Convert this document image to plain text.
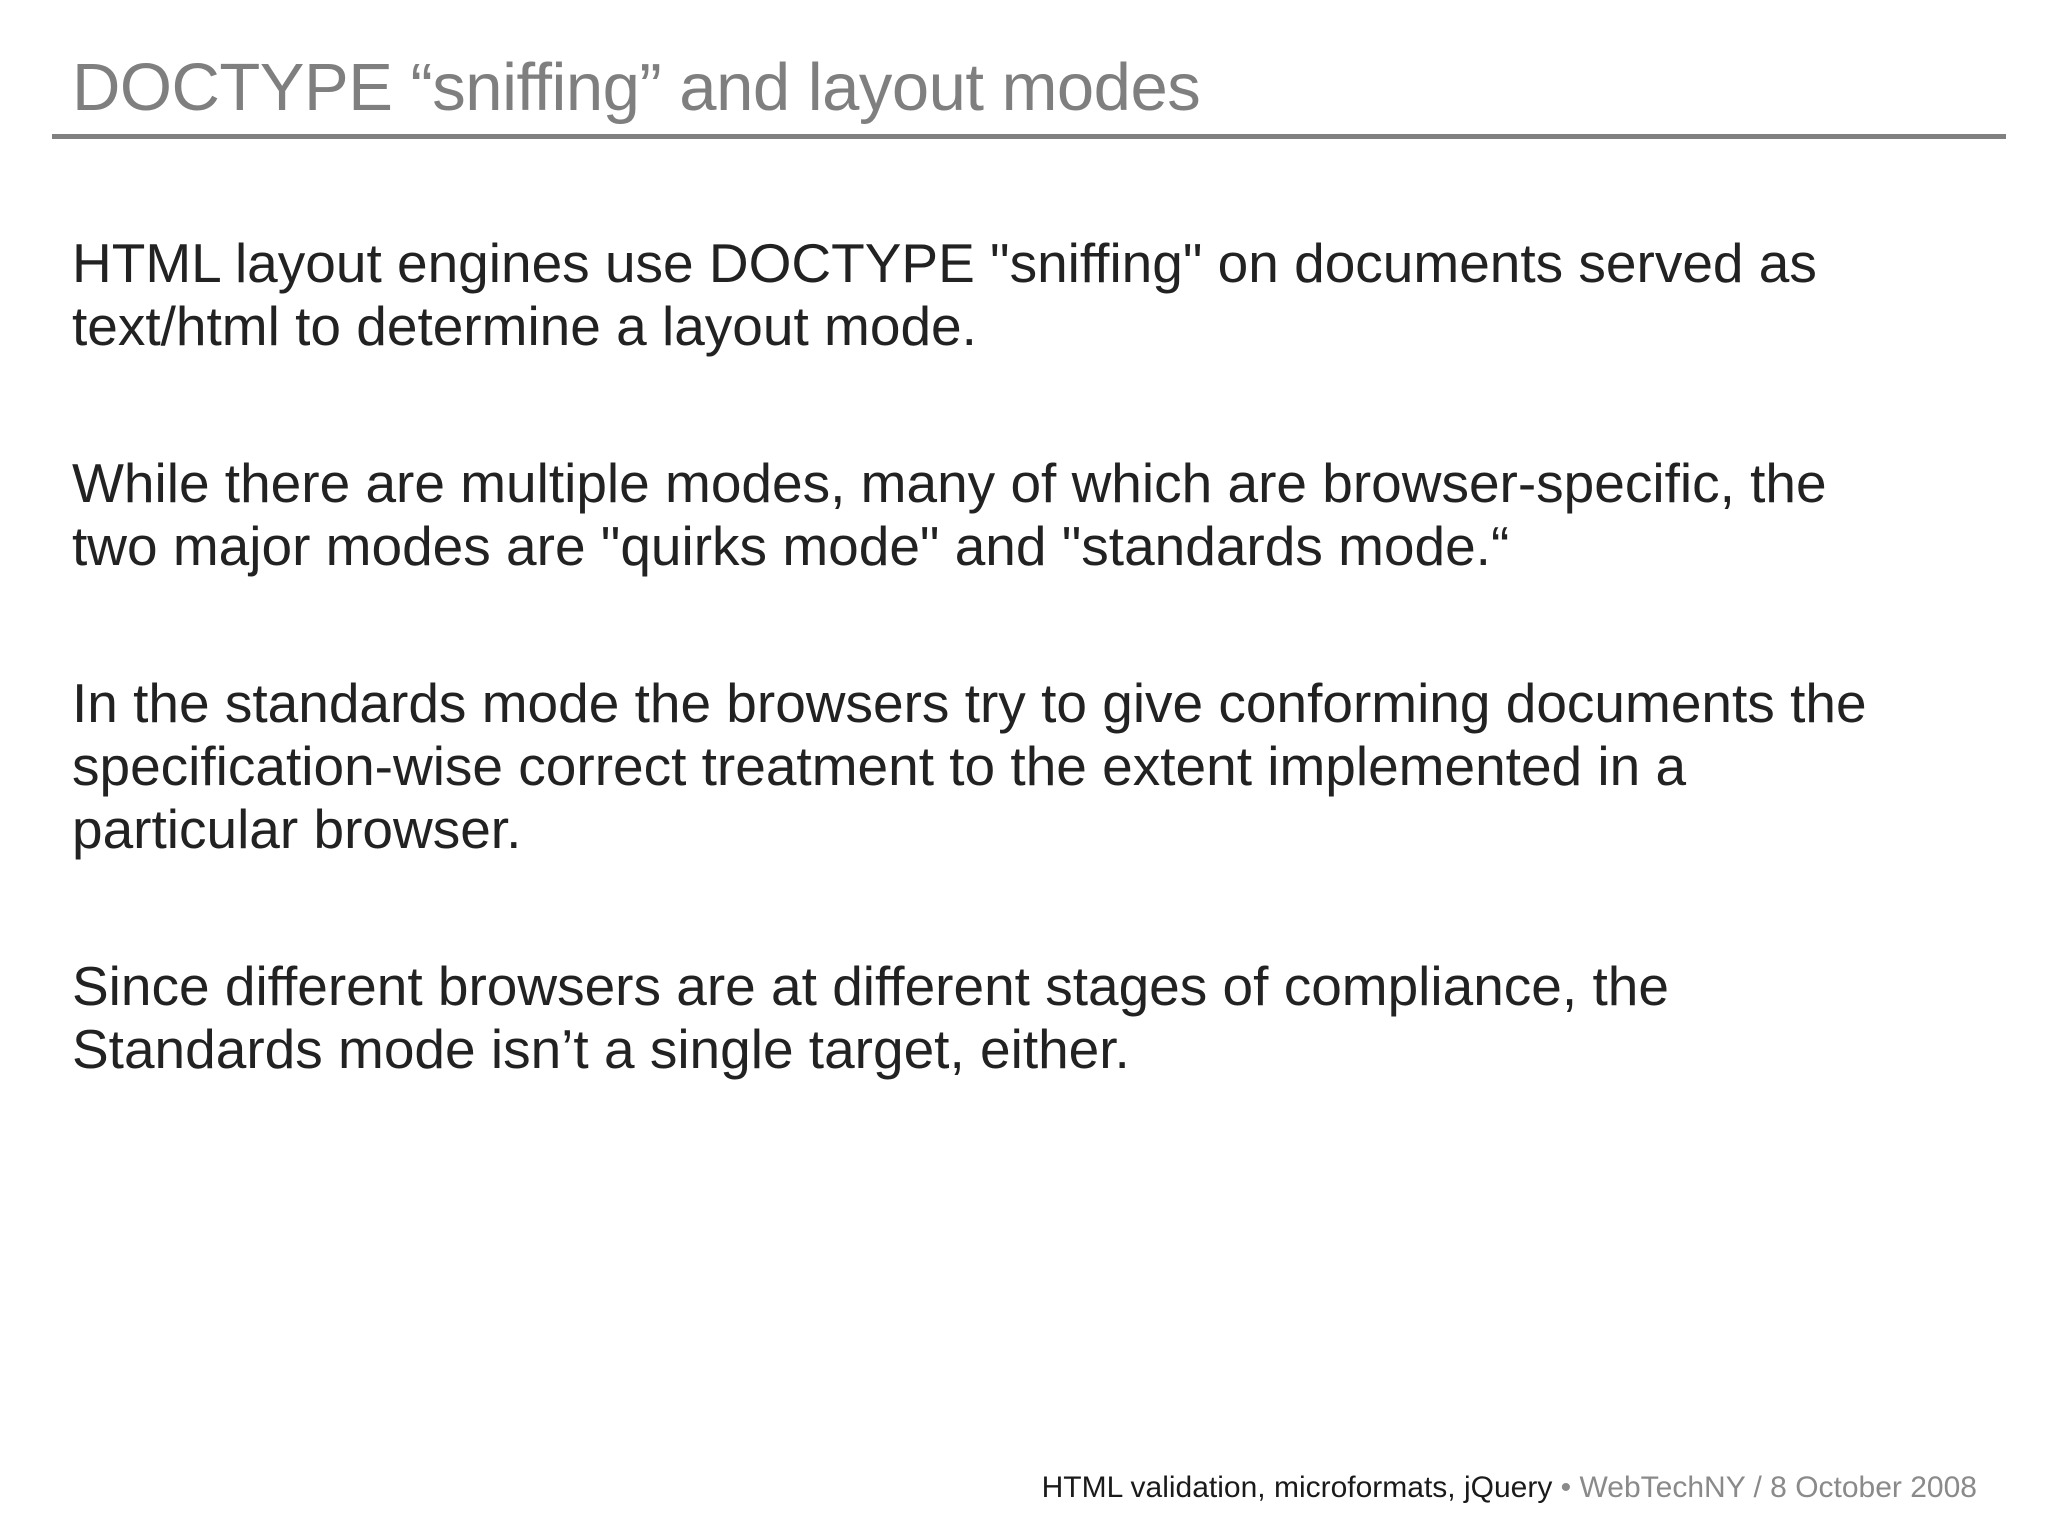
DOCTYPE “sniffing” and layout modes

HTML layout engines use DOCTYPE "sniffing" on documents served as
text/html to determine a layout mode.

While there are multiple modes, many of which are browser-specific, the
two major modes are "quirks mode" and "standards mode.“

In the standards mode the browsers try to give conforming documents the
specification-wise correct treatment to the extent implemented in a
particular browser.

Since different browsers are at different stages of compliance, the
Standards mode isn’t a single target, either.

HTML validation, microformats, jQuery • WebTechNY / 8 October 2008
